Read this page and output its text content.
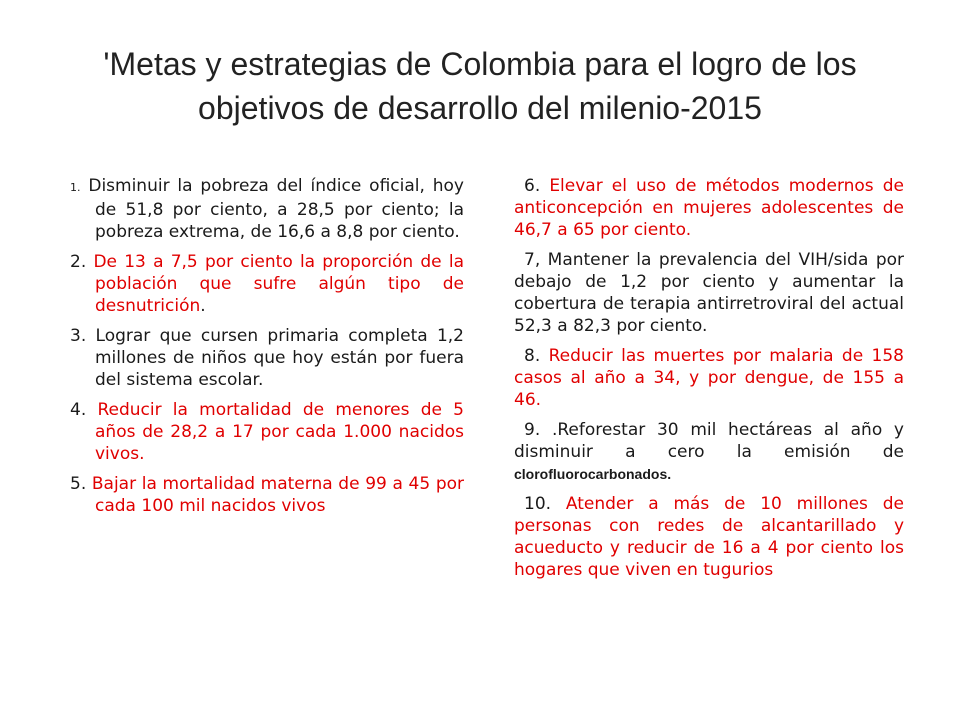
'Metas y estrategias de Colombia para el logro de los objetivos de desarrollo del milenio-2015

1. Disminuir la pobreza del índice oficial, hoy de 51,8 por ciento, a 28,5 por ciento; la pobreza extrema, de 16,6 a 8,8 por ciento.

2. De 13 a 7,5 por ciento la proporción de la población que sufre algún tipo de desnutrición.

3. Lograr que cursen primaria completa 1,2 millones de niños que hoy están por fuera del sistema escolar.

4. Reducir la mortalidad de menores de 5 años de 28,2 a 17 por cada 1.000 nacidos vivos.

5. Bajar la mortalidad materna de 99 a 45 por cada 100 mil nacidos vivos

6. Elevar el uso de métodos modernos de anticoncepción en mujeres adolescentes de 46,7 a 65 por ciento.

7, Mantener la prevalencia del VIH/sida por debajo de 1,2 por ciento y aumentar la cobertura de terapia antirretroviral del actual 52,3 a 82,3 por ciento.

8. Reducir las muertes por malaria de 158 casos al año a 34, y por dengue, de 155 a 46.

9. .Reforestar 30 mil hectáreas al año y disminuir a cero la emisión de clorofluorocarbonados.

10. Atender a más de 10 millones de personas con redes de alcantarillado y acueducto y reducir de 16 a 4 por ciento los hogares que viven en tugurios
